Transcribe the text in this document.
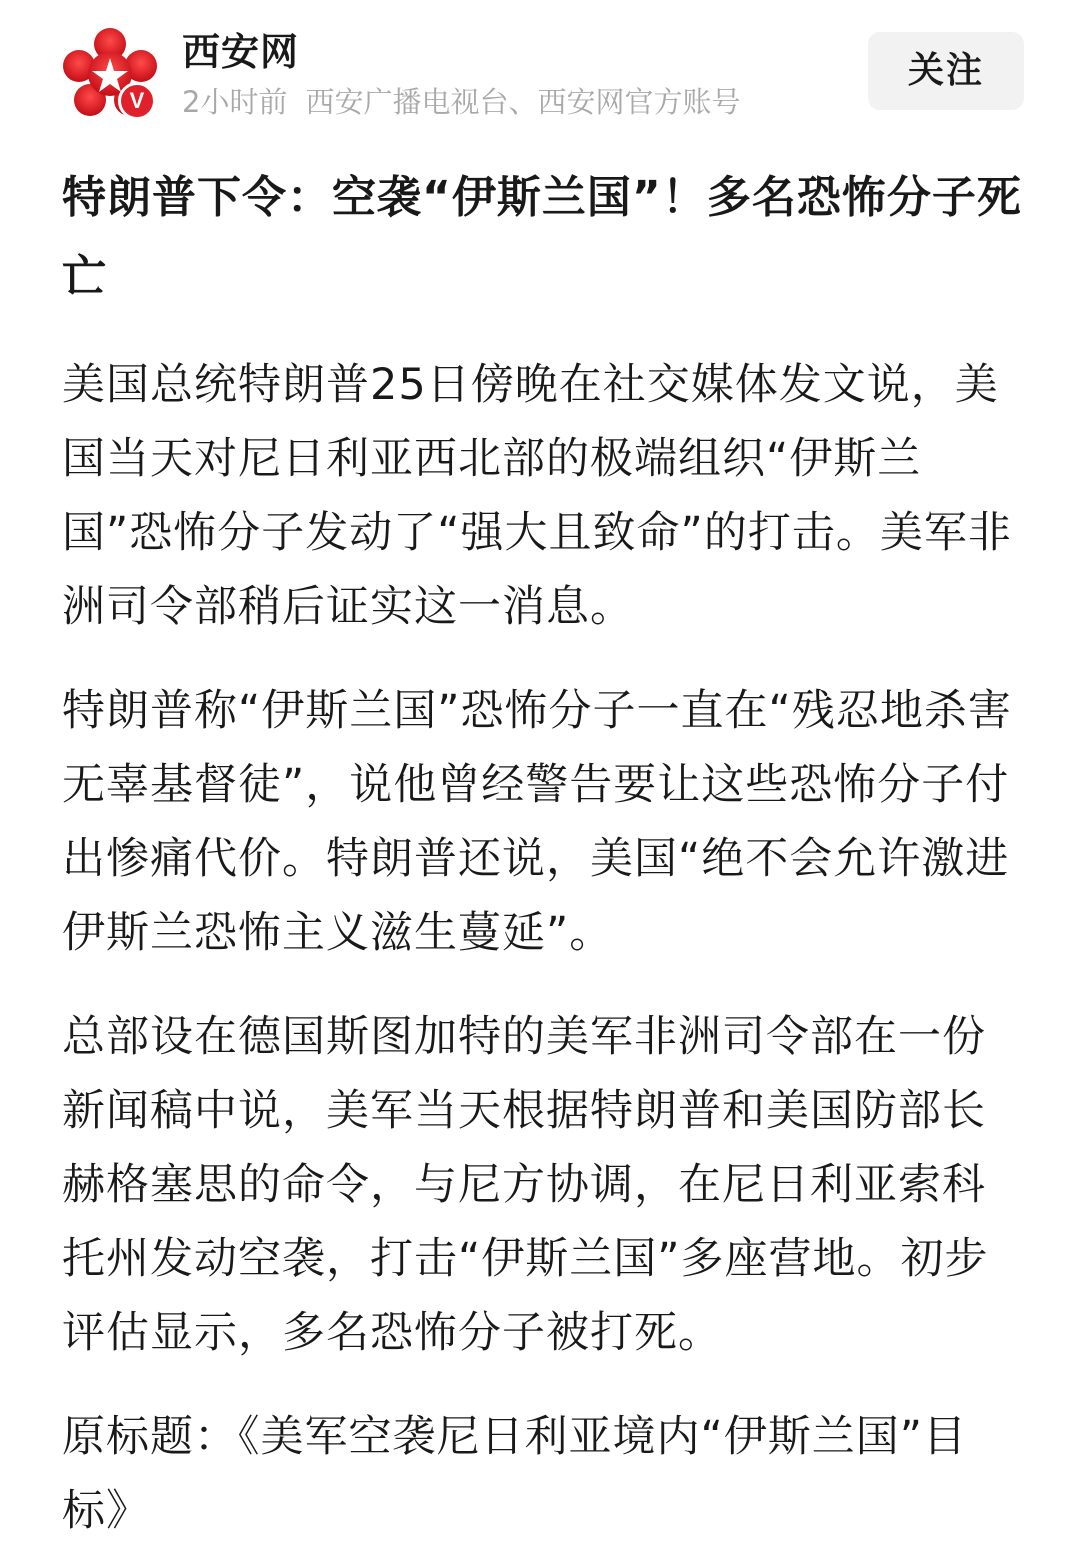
V
西安网
2小时前 西安广播电视台、西安网官方账号
关注
特朗普下令：空袭“伊斯兰国”！多名恐怖分子死亡

美国总统特朗普25日傍晚在社交媒体发文说，美国当天对尼日利亚西北部的极端组织“伊斯兰国”恐怖分子发动了“强大且致命”的打击。美军非洲司令部稍后证实这一消息。

特朗普称“伊斯兰国”恐怖分子一直在“残忍地杀害无辜基督徒”，说他曾经警告要让这些恐怖分子付出惨痛代价。特朗普还说，美国“绝不会允许激进伊斯兰恐怖主义滋生蔓延”。

总部设在德国斯图加特的美军非洲司令部在一份新闻稿中说，美军当天根据特朗普和美国防部长赫格塞思的命令，与尼方协调，在尼日利亚索科托州发动空袭，打击“伊斯兰国”多座营地。初步评估显示，多名恐怖分子被打死。

原标题：《美军空袭尼日利亚境内“伊斯兰国”目标》
